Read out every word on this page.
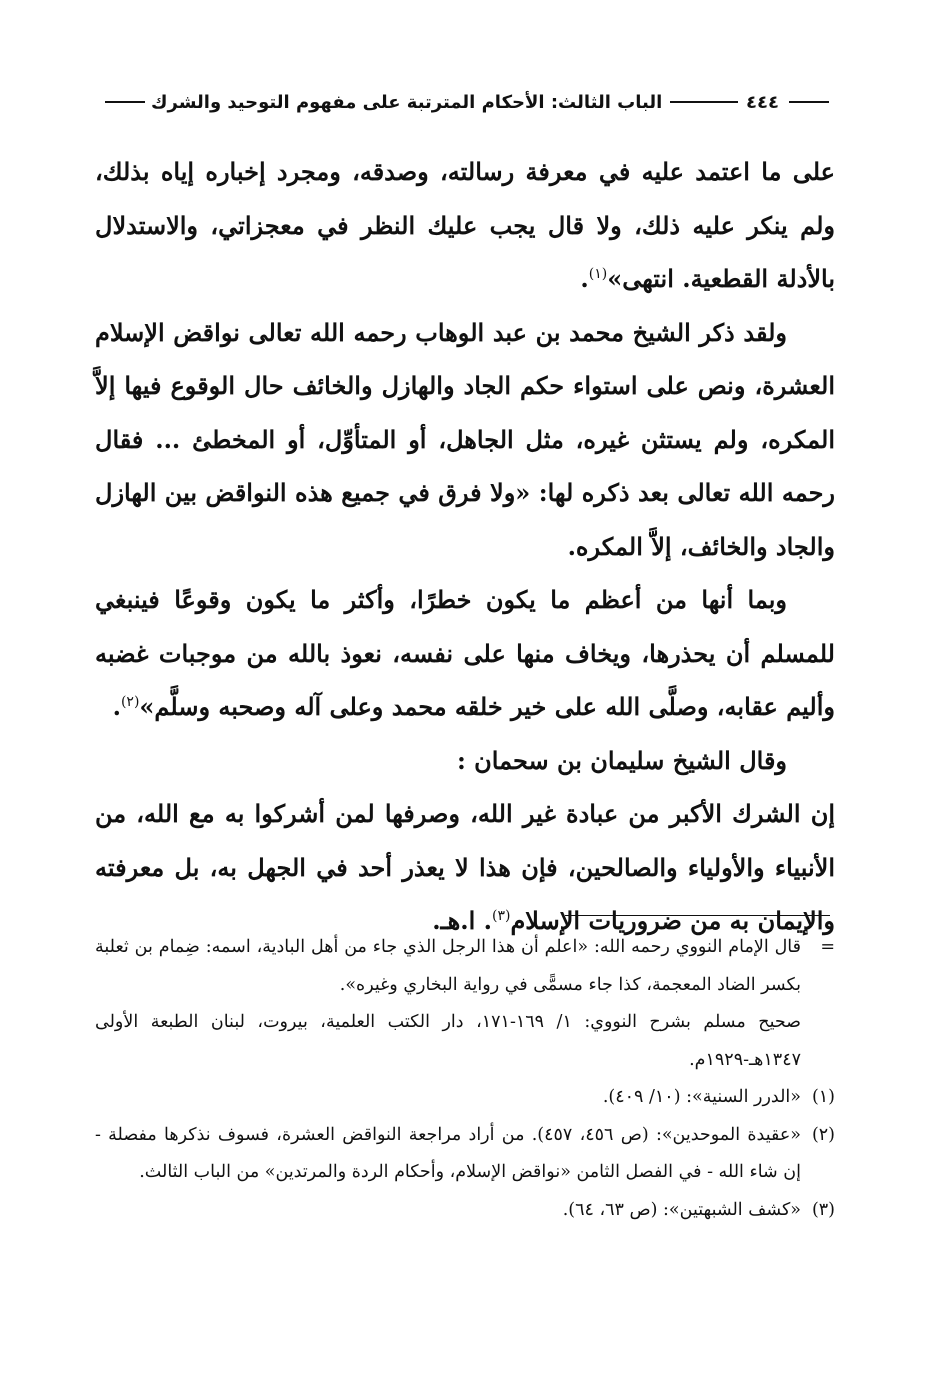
٤٤٤
الباب الثالث: الأحكام المترتبة على مفهوم التوحيد والشرك

على ما اعتمد عليه في معرفة رسالته، وصدقه، ومجرد إخباره إياه بذلك، ولم ينكر عليه ذلك، ولا قال يجب عليك النظر في معجزاتي، والاستدلال بالأدلة القطعية. انتهى»$^{(١)}$.

ولقد ذكر الشيخ محمد بن عبد الوهاب رحمه الله تعالى نواقض الإسلام العشرة، ونص على استواء حكم الجاد والهازل والخائف حال الوقوع فيها إلاَّ المكره، ولم يستثن غيره، مثل الجاهل، أو المتأوِّل، أو المخطئ ... فقال رحمه الله تعالى بعد ذكره لها: «ولا فرق في جميع هذه النواقض بين الهازل والجاد والخائف، إلاَّ المكره.

وبما أنها من أعظم ما يكون خطرًا، وأكثر ما يكون وقوعًا فينبغي للمسلم أن يحذرها، ويخاف منها على نفسه، نعوذ بالله من موجبات غضبه وأليم عقابه، وصلَّى الله على خير خلقه محمد وعلى آله وصحبه وسلَّم»$^{(٢)}$.

وقال الشيخ سليمان بن سحمان :

إن الشرك الأكبر من عبادة غير الله، وصرفها لمن أشركوا به مع الله، من الأنبياء والأولياء والصالحين، فإن هذا لا يعذر أحد في الجهل به، بل معرفته والإيمان به من ضروريات الإسلام$^{(٣)}$. ا.هـ.

=قال الإمام النووي رحمه الله: «اعلم أن هذا الرجل الذي جاء من أهل البادية، اسمه: ضِمام بن ثعلبة بكسر الضاد المعجمة، كذا جاء مسمًّى في رواية البخاري وغيره».

صحيح مسلم بشرح النووي: ١/ ١٦٩-١٧١، دار الكتب العلمية، بيروت، لبنان الطبعة الأولى ١٣٤٧هـ-١٩٢٩م.

(١)«الدرر السنية»: (١٠/ ٤٠٩).

(٢)«عقيدة الموحدين»: (ص ٤٥٦، ٤٥٧). من أراد مراجعة النواقض العشرة، فسوف نذكرها مفصلة - إن شاء الله - في الفصل الثامن «نواقض الإسلام، وأحكام الردة والمرتدين» من الباب الثالث.

(٣)«كشف الشبهتين»: (ص ٦٣، ٦٤).
